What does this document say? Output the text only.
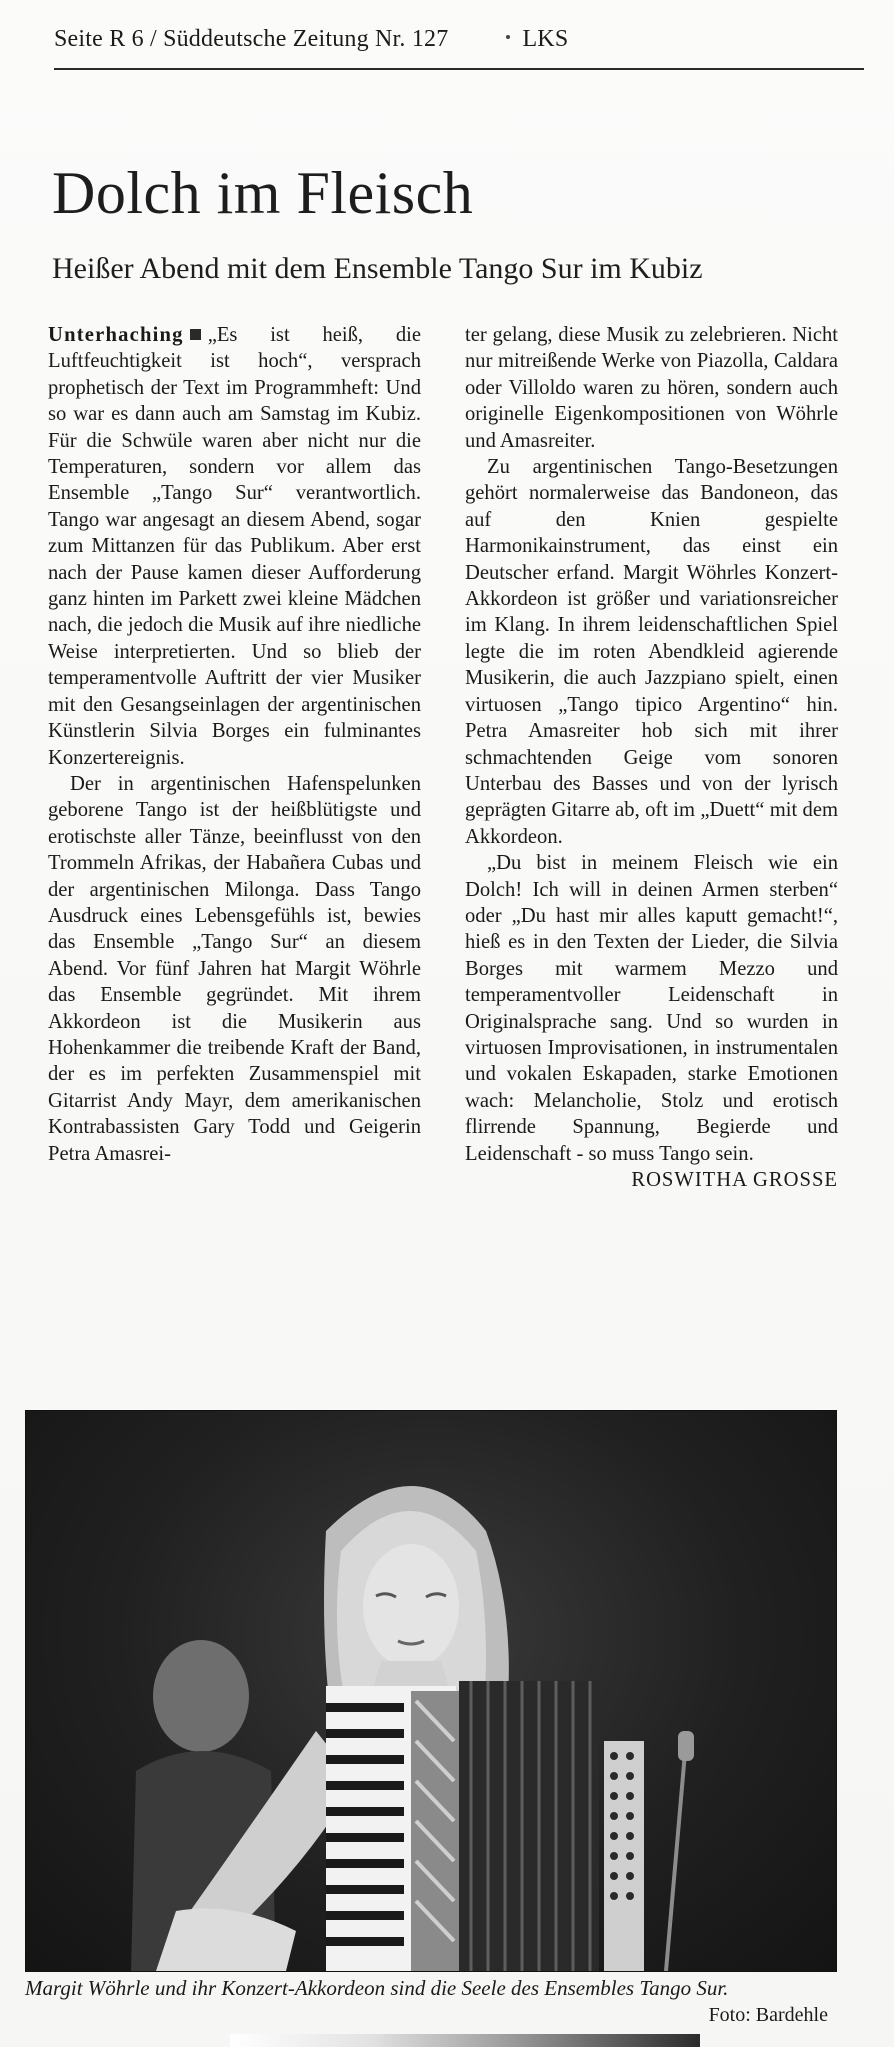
Seite R 6 / Süddeutsche Zeitung Nr. 127	LKS
Dolch im Fleisch
Heißer Abend mit dem Ensemble Tango Sur im Kubiz

Unterhaching „Es ist heiß, die Luftfeuchtigkeit ist hoch“, versprach prophetisch der Text im Programmheft: Und so war es dann auch am Samstag im Kubiz. Für die Schwüle waren aber nicht nur die Temperaturen, sondern vor allem das Ensemble „Tango Sur“ verantwortlich. Tango war angesagt an diesem Abend, sogar zum Mittanzen für das Publikum. Aber erst nach der Pause kamen dieser Aufforderung ganz hinten im Parkett zwei kleine Mädchen nach, die jedoch die Musik auf ihre niedliche Weise interpretierten. Und so blieb der temperamentvolle Auftritt der vier Musiker mit den Gesangseinlagen der argentinischen Künstlerin Silvia Borges ein fulminantes Konzertereignis.

Der in argentinischen Hafenspelunken geborene Tango ist der heißblütigste und erotischste aller Tänze, beeinflusst von den Trommeln Afrikas, der Habañera Cubas und der argentinischen Milonga. Dass Tango Ausdruck eines Lebensgefühls ist, bewies das Ensemble „Tango Sur“ an diesem Abend. Vor fünf Jahren hat Margit Wöhrle das Ensemble gegründet. Mit ihrem Akkordeon ist die Musikerin aus Hohenkammer die treibende Kraft der Band, der es im perfekten Zusammenspiel mit Gitarrist Andy Mayr, dem amerikanischen Kontrabassisten Gary Todd und Geigerin Petra Amasrei-

ter gelang, diese Musik zu zelebrieren. Nicht nur mitreißende Werke von Piazolla, Caldara oder Villoldo waren zu hören, sondern auch originelle Eigenkompositionen von Wöhrle und Amasreiter.

Zu argentinischen Tango-Besetzungen gehört normalerweise das Bandoneon, das auf den Knien gespielte Harmonikainstrument, das einst ein Deutscher erfand. Margit Wöhrles Konzert-Akkordeon ist größer und variationsreicher im Klang. In ihrem leidenschaftlichen Spiel legte die im roten Abendkleid agierende Musikerin, die auch Jazzpiano spielt, einen virtuosen „Tango tipico Argentino“ hin. Petra Amasreiter hob sich mit ihrer schmachtenden Geige vom sonoren Unterbau des Basses und von der lyrisch geprägten Gitarre ab, oft im „Duett“ mit dem Akkordeon.

„Du bist in meinem Fleisch wie ein Dolch! Ich will in deinen Armen sterben“ oder „Du hast mir alles kaputt gemacht!“, hieß es in den Texten der Lieder, die Silvia Borges mit warmem Mezzo und temperamentvoller Leidenschaft in Originalsprache sang. Und so wurden in virtuosen Improvisationen, in instrumentalen und vokalen Eskapaden, starke Emotionen wach: Melancholie, Stolz und erotisch flirrende Spannung, Begierde und Leidenschaft - so muss Tango sein.
ROSWITHA GROSSE

Margit Wöhrle und ihr Konzert-Akkordeon sind die Seele des Ensembles Tango Sur.

Foto: Bardehle
